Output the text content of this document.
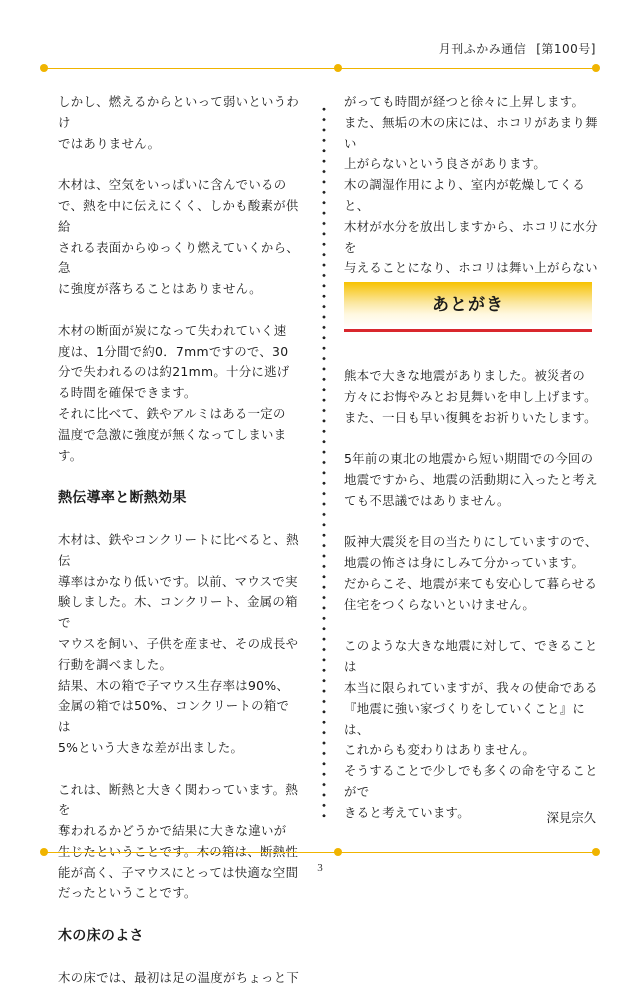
月刊ふかみ通信 [第100号]

しかし、燃えるからといって弱いというわけ
ではありません。

木材は、空気をいっぱいに含んでいるの
で、熱を中に伝えにくく、しかも酸素が供給
される表面からゆっくり燃えていくから、急
に強度が落ちることはありません。

木材の断面が炭になって失われていく速
度は、1分間で約0．7mmですので、30
分で失われるのは約21mm。十分に逃げ
る時間を確保できます。
それに比べて、鉄やアルミはある一定の
温度で急激に強度が無くなってしまいま
す。

熱伝導率と断熱効果

木材は、鉄やコンクリートに比べると、熱伝
導率はかなり低いです。以前、マウスで実
験しました。木、コンクリート、金属の箱で
マウスを飼い、子供を産ませ、その成長や
行動を調べました。
結果、木の箱で子マウス生存率は90%、
金属の箱では50%、コンクリートの箱では
5%という大きな差が出ました。

これは、断熱と大きく関わっています。熱を
奪われるかどうかで結果に大きな違いが
生じたということです。木の箱は、断熱性
能が高く、子マウスにとっては快適な空間
だったということです。

木の床のよさ

木の床では、最初は足の温度がちょっと下

がっても時間が経つと徐々に上昇します。
また、無垢の木の床には、ホコリがあまり舞い
上がらないという良さがあります。
木の調湿作用により、室内が乾燥してくると、
木材が水分を放出しますから、ホコリに水分を
与えることになり、ホコリは舞い上がらない

あとがき

熊本で大きな地震がありました。被災者の
方々にお悔やみとお見舞いを申し上げます。
また、一日も早い復興をお祈りいたします。

5年前の東北の地震から短い期間での今回の
地震ですから、地震の活動期に入ったと考え
ても不思議ではありません。

阪神大震災を目の当たりにしていますので、
地震の怖さは身にしみて分かっています。
だからこそ、地震が来ても安心して暮らせる
住宅をつくらないといけません。

このような大きな地震に対して、できることは
本当に限られていますが、我々の使命である
『地震に強い家づくりをしていくこと』には、
これからも変わりはありません。
そうすることで少しでも多くの命を守ることがで
きると考えています。	深見宗久
3
